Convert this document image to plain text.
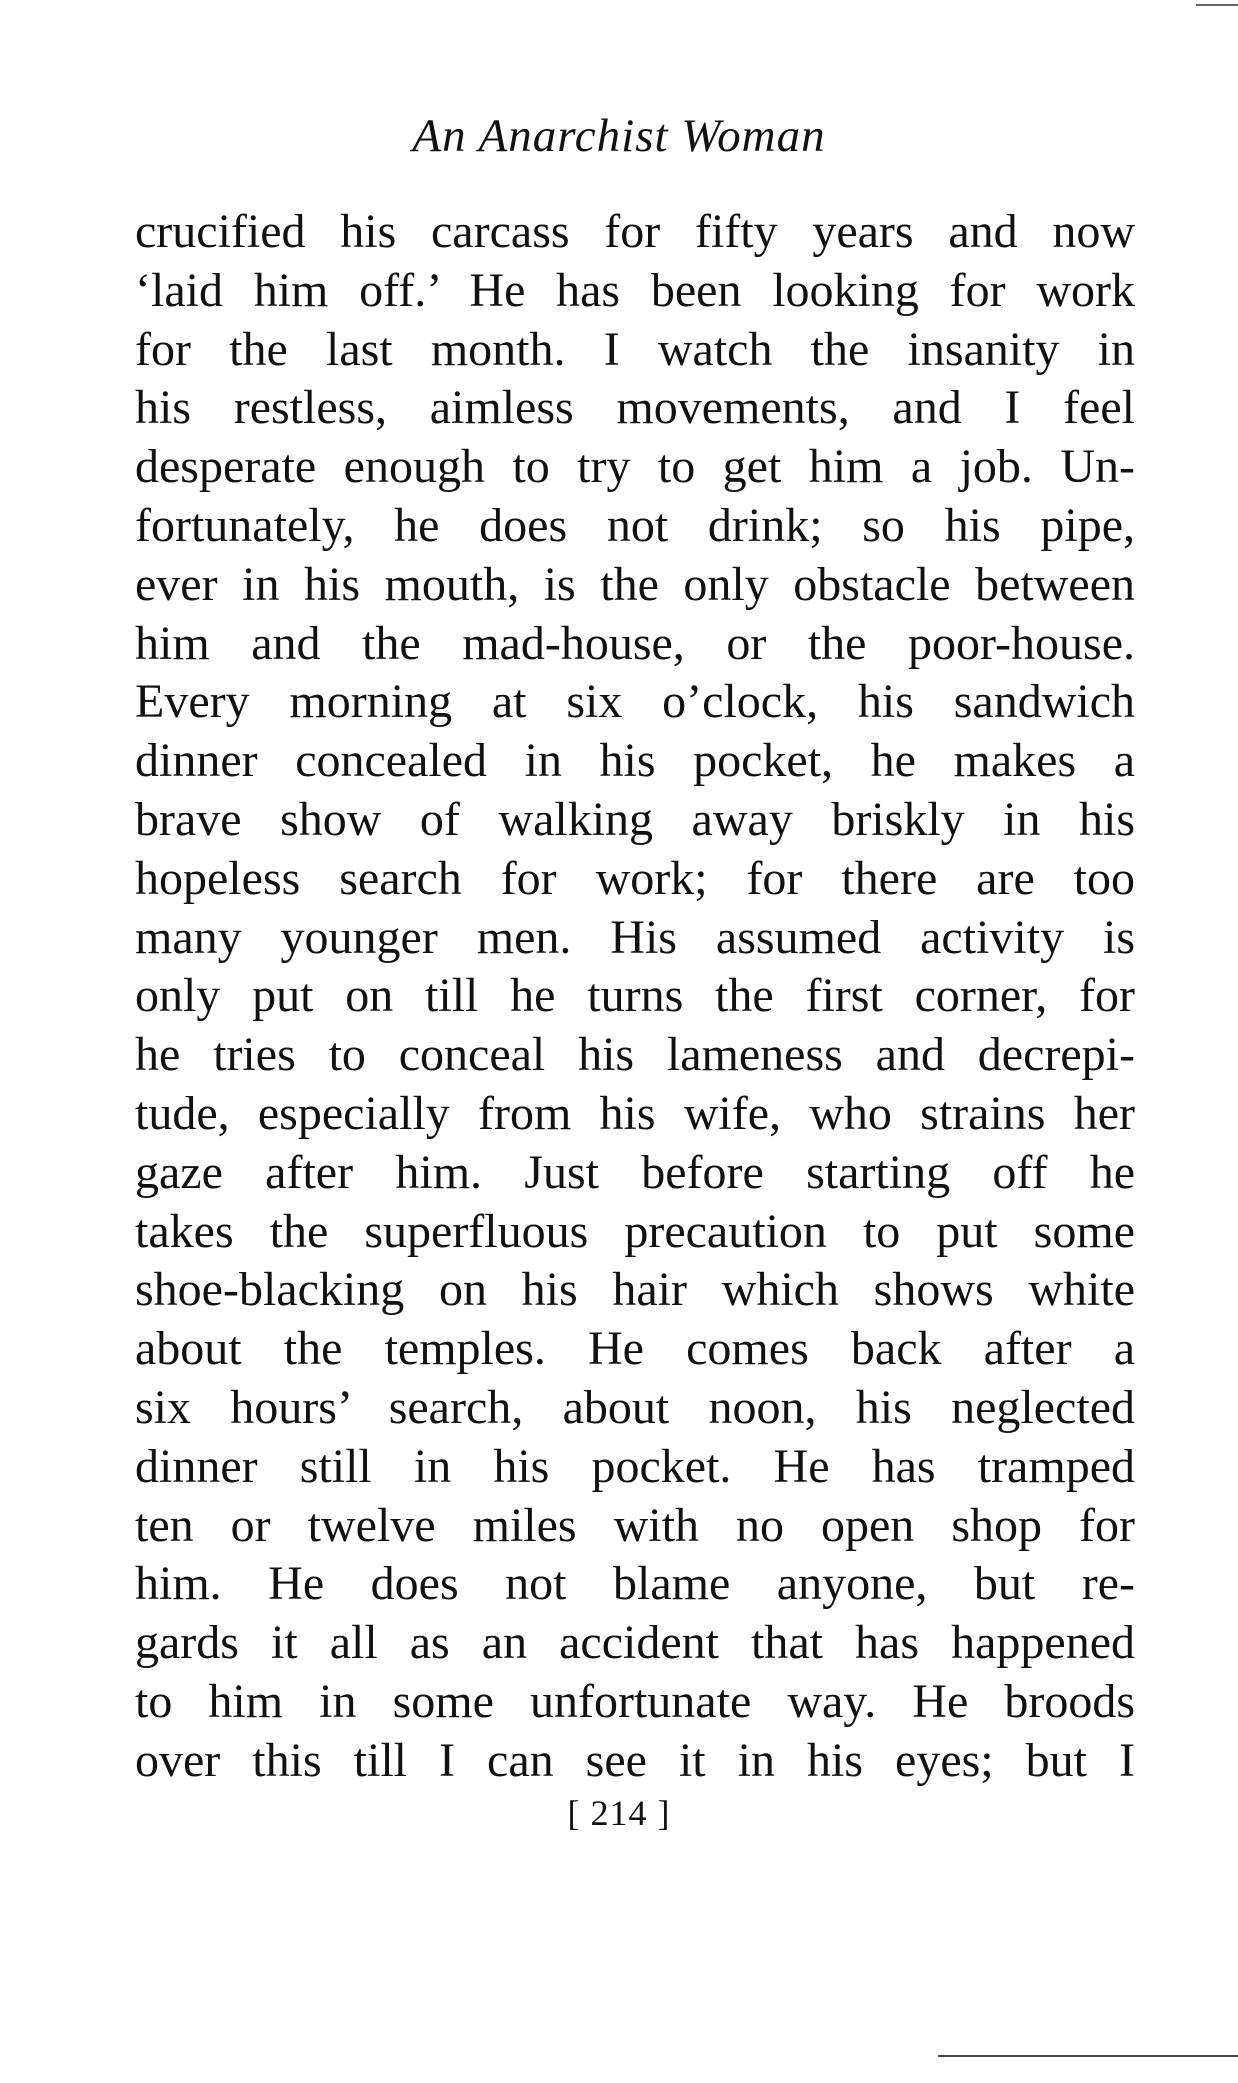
An Anarchist Woman
crucified his carcass for fifty years and now
‘laid him off.’ He has been looking for work
for the last month. I watch the insanity in
his restless, aimless movements, and I feel
desperate enough to try to get him a job. Un-
fortunately, he does not drink; so his pipe,
ever in his mouth, is the only obstacle between
him and the mad-house, or the poor-house.
Every morning at six o’clock, his sandwich
dinner concealed in his pocket, he makes a
brave show of walking away briskly in his
hopeless search for work; for there are too
many younger men. His assumed activity is
only put on till he turns the first corner, for
he tries to conceal his lameness and decrepi-
tude, especially from his wife, who strains her
gaze after him. Just before starting off he
takes the superfluous precaution to put some
shoe-blacking on his hair which shows white
about the temples. He comes back after a
six hours’ search, about noon, his neglected
dinner still in his pocket. He has tramped
ten or twelve miles with no open shop for
him. He does not blame anyone, but re-
gards it all as an accident that has happened
to him in some unfortunate way. He broods
over this till I can see it in his eyes; but I
[ 214 ]
